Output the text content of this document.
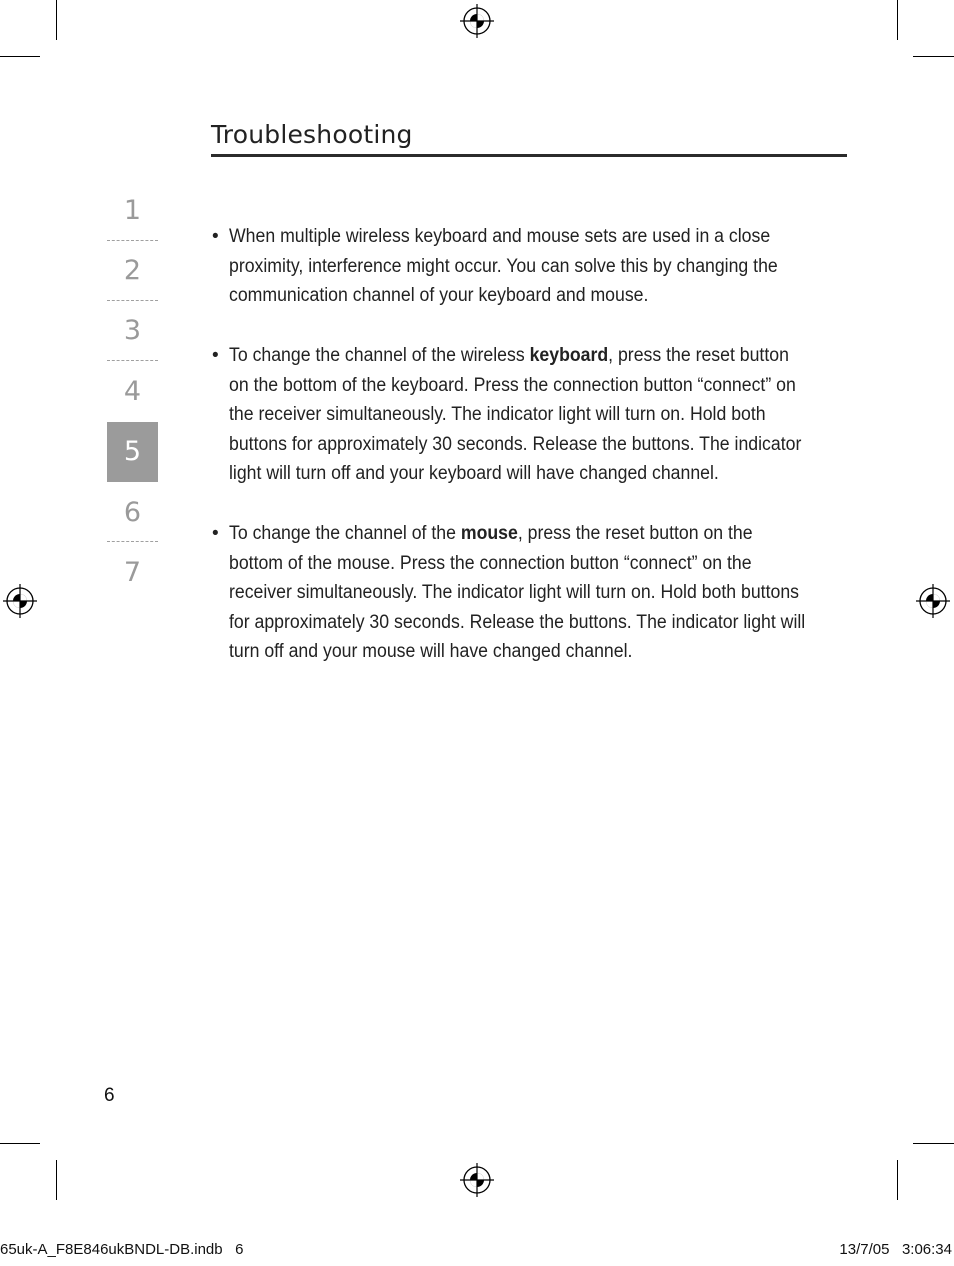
Troubleshooting
1
2
3
4
5
6
7
• When multiple wireless keyboard and mouse sets are used in a close proximity, interference might occur. You can solve this by changing the communication channel of your keyboard and mouse.
• To change the channel of the wireless keyboard, press the reset button on the bottom of the keyboard. Press the connection button “connect” on the receiver simultaneously. The indicator light will turn on. Hold both buttons for approximately 30 seconds. Release the buttons. The indicator light will turn off and your keyboard will have changed channel.
• To change the channel of the mouse, press the reset button on the bottom of the mouse. Press the connection button “connect” on the receiver simultaneously. The indicator light will turn on. Hold both buttons for approximately 30 seconds. Release the buttons. The indicator light will turn off and your mouse will have changed channel.
6
65uk-A_F8E846ukBNDL-DB.indb   6	13/7/05   3:06:34
